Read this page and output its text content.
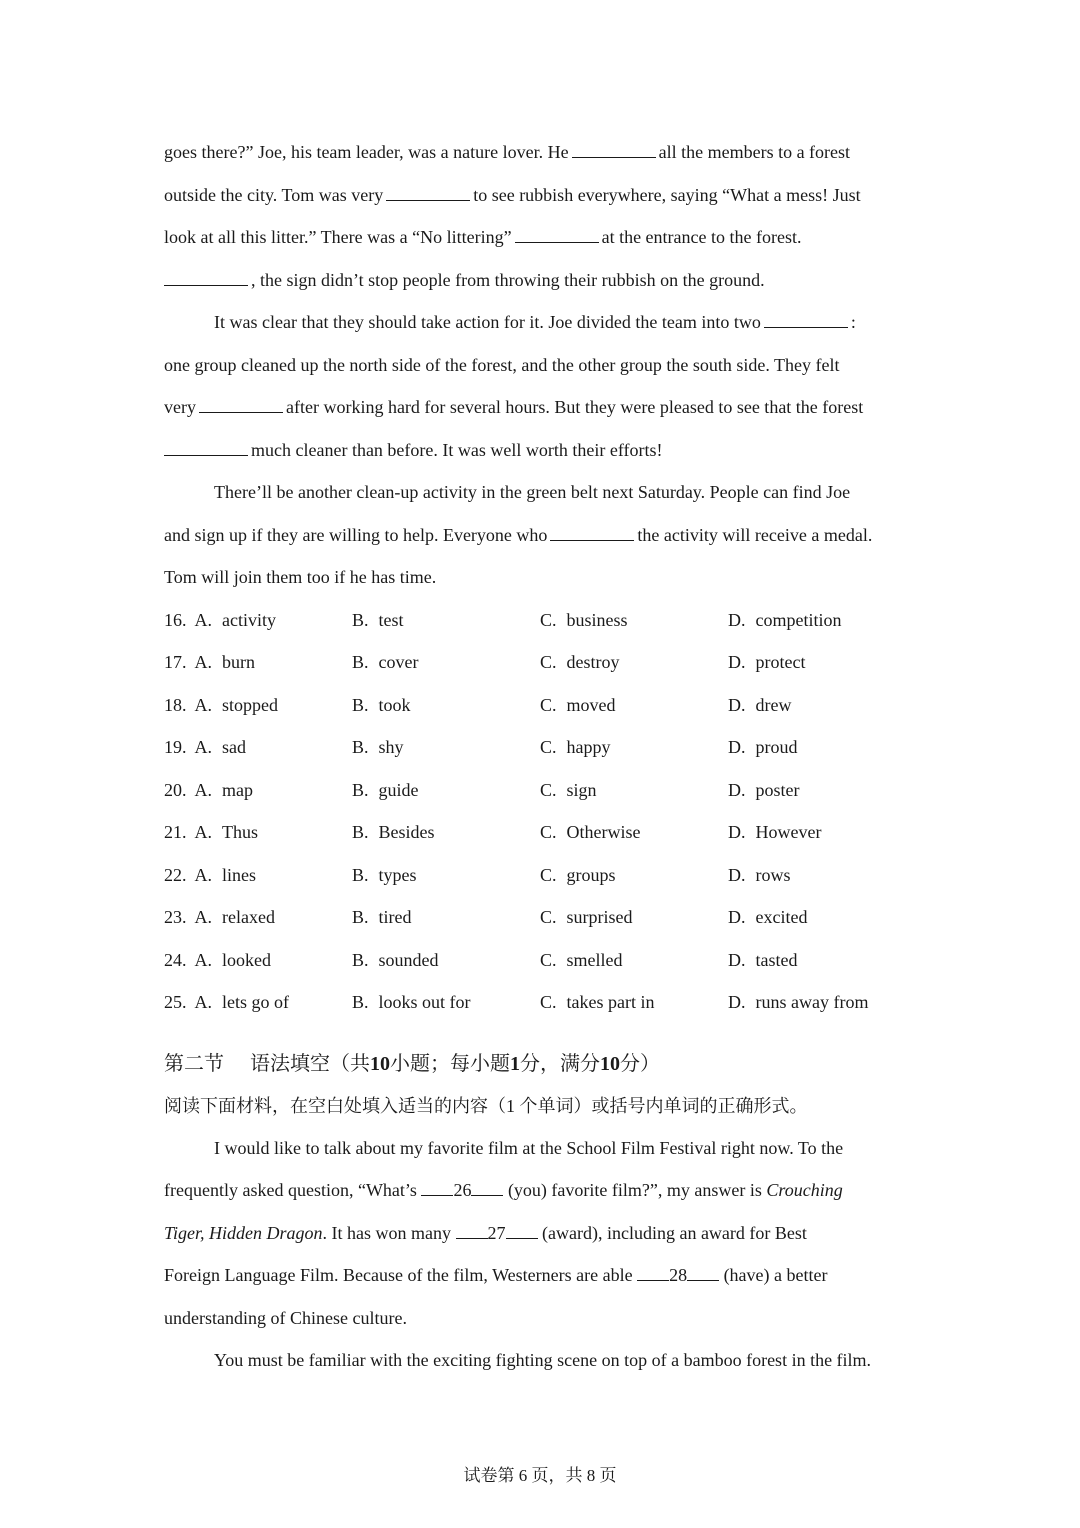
goes there?” Joe, his team leader, was a nature lover. He	all the members to a forest
outside the city. Tom was very	to see rubbish everywhere, saying “What a mess! Just
look at all this litter.” There was a “No littering”	at the entrance to the forest.
, the sign didn’t stop people from throwing their rubbish on the ground.
It was clear that they should take action for it. Joe divided the team into two	:
one group cleaned up the north side of the forest, and the other group the south side. They felt
very	after working hard for several hours. But they were pleased to see that the forest
much cleaner than before. It was well worth their efforts!
There’ll be another clean-up activity in the green belt next Saturday. People can find Joe
and sign up if they are willing to help. Everyone who	the activity will receive a medal.
Tom will join them too if he has time.
16. A. activity	B. test	C. business	D. competition
17. A. burn	B. cover	C. destroy	D. protect
18. A. stopped	B. took	C. moved	D. drew
19. A. sad	B. shy	C. happy	D. proud
20. A. map	B. guide	C. sign	D. poster
21. A. Thus	B. Besides	C. Otherwise	D. However
22. A. lines	B. types	C. groups	D. rows
23. A. relaxed	B. tired	C. surprised	D. excited
24. A. looked	B. sounded	C. smelled	D. tasted
25. A. lets go of	B. looks out for	C. takes part in	D. runs away from
第二节 语法填空（共10小题；每小题1分，满分10分）
阅读下面材料，在空白处填入适当的内容（1 个单词）或括号内单词的正确形式。
I would like to talk about my favorite film at the School Film Festival right now. To the
frequently asked question, “What’s 26 (you) favorite film?”, my answer is Crouching
Tiger, Hidden Dragon. It has won many 27 (award), including an award for Best
Foreign Language Film. Because of the film, Westerners are able 28 (have) a better
understanding of Chinese culture.
You must be familiar with the exciting fighting scene on top of a bamboo forest in the film.
试卷第 6 页，共 8 页
